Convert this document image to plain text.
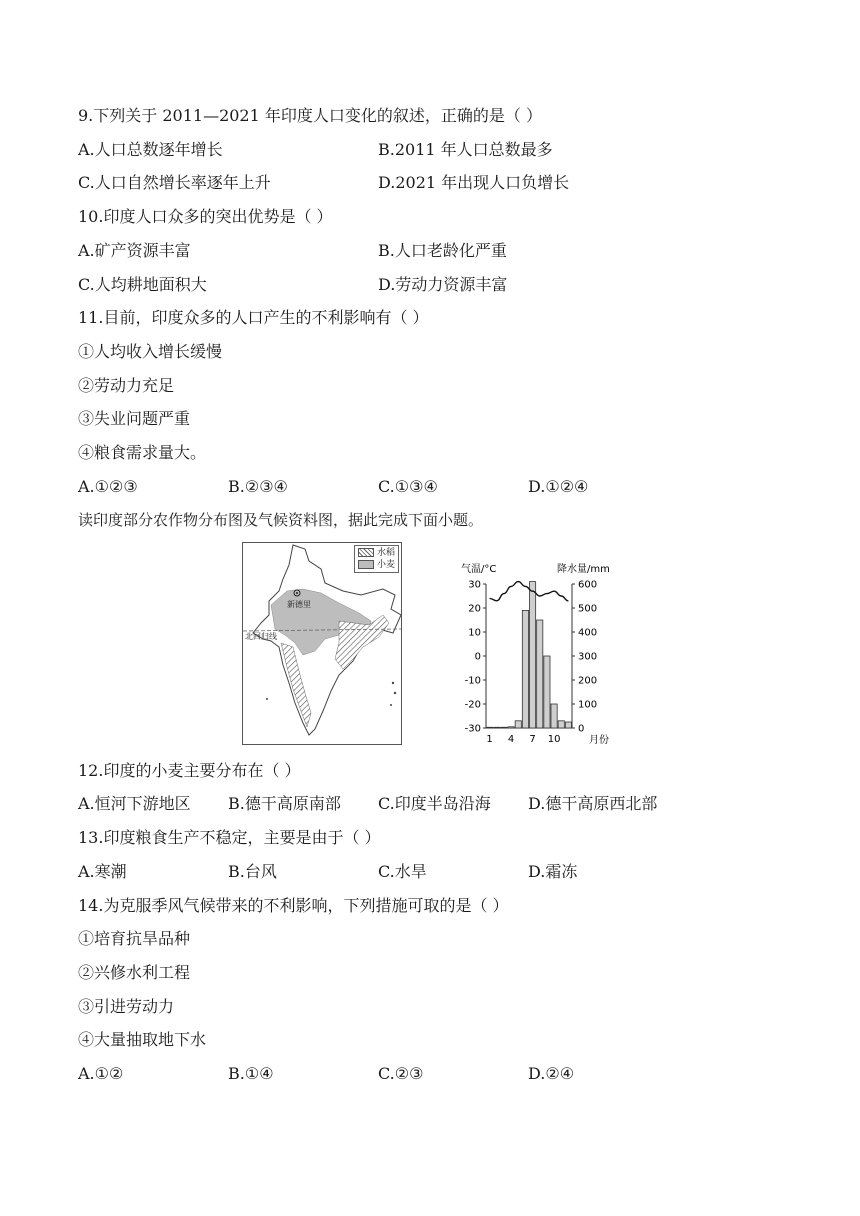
9.下列关于 2011—2021 年印度人口变化的叙述，正确的是（ ）
A.人口总数逐年增长	B.2011 年人口总数最多
C.人口自然增长率逐年上升	D.2021 年出现人口负增长
10.印度人口众多的突出优势是（ ）
A.矿产资源丰富	B.人口老龄化严重
C.人均耕地面积大	D.劳动力资源丰富
11.目前，印度众多的人口产生的不利影响有（ ）
①人均收入增长缓慢
②劳动力充足
③失业问题严重
④粮食需求量大。
A.①②③	B.②③④	C.①③④	D.①②④
读印度部分农作物分布图及气候资料图，据此完成下面小题。
水稻
小麦
新德里
北回归线
气温/°C	降水量/mm
月份
30
20
10
0
-10
-20
-30
600
500
400
300
200
100
0
1 4 7 10
12.印度的小麦主要分布在（ ）
A.恒河下游地区 B.德干高原南部 C.印度半岛沿海 D.德干高原西北部
13.印度粮食生产不稳定，主要是由于（ ）
A.寒潮	B.台风	C.水旱	D.霜冻
14.为克服季风气候带来的不利影响，下列措施可取的是（ ）
①培育抗旱品种
②兴修水利工程
③引进劳动力
④大量抽取地下水
A.①②	B.①④	C.②③	D.②④
